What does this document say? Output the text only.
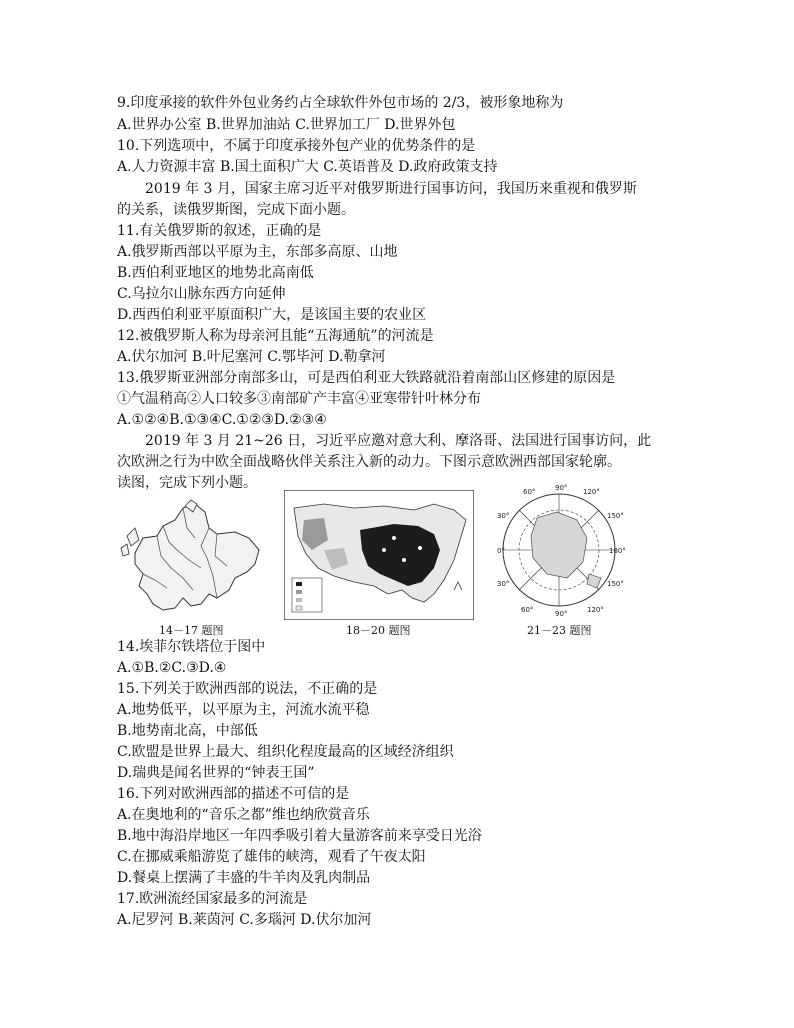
9.印度承接的软件外包业务约占全球软件外包市场的 2/3，被形象地称为
A.世界办公室 B.世界加油站 C.世界加工厂 D.世界外包
10.下列选项中，不属于印度承接外包产业的优势条件的是
A.人力资源丰富 B.国土面积广大 C.英语普及 D.政府政策支持
2019 年 3 月，国家主席习近平对俄罗斯进行国事访问，我国历来重视和俄罗斯
的关系，读俄罗斯图，完成下面小题。
11.有关俄罗斯的叙述，正确的是
A.俄罗斯西部以平原为主，东部多高原、山地
B.西伯利亚地区的地势北高南低
C.乌拉尔山脉东西方向延伸
D.西西伯利亚平原面积广大，是该国主要的农业区
12.被俄罗斯人称为母亲河且能“五海通航”的河流是
A.伏尔加河 B.叶尼塞河 C.鄂毕河 D.勒拿河
13.俄罗斯亚洲部分南部多山，可是西伯利亚大铁路就沿着南部山区修建的原因是
①气温稍高②人口较多③南部矿产丰富④亚寒带针叶林分布
A.①②④B.①③④C.①②③D.②③④
2019 年 3 月 21~26 日，习近平应邀对意大利、摩洛哥、法国进行国事访问，此
次欧洲之行为中欧全面战略伙伴关系注入新的动力。下图示意欧洲西部国家轮廓。
读图，完成下列小题。
14－17 题图	18－20 题图
90° 120°
60°
150°
30°
0°	180°
30°	150°
60°	120°
90°
21－23 题图
14.埃菲尔铁塔位于图中
A.①B.②C.③D.④
15.下列关于欧洲西部的说法，不正确的是
A.地势低平，以平原为主，河流水流平稳
B.地势南北高，中部低
C.欧盟是世界上最大、组织化程度最高的区域经济组织
D.瑞典是闻名世界的“钟表王国”
16.下列对欧洲西部的描述不可信的是
A.在奥地利的“音乐之都”维也纳欣赏音乐
B.地中海沿岸地区一年四季吸引着大量游客前来享受日光浴
C.在挪威乘船游览了雄伟的峡湾，观看了午夜太阳
D.餐桌上摆满了丰盛的牛羊肉及乳肉制品
17.欧洲流经国家最多的河流是
A.尼罗河 B.莱茵河 C.多瑙河 D.伏尔加河
